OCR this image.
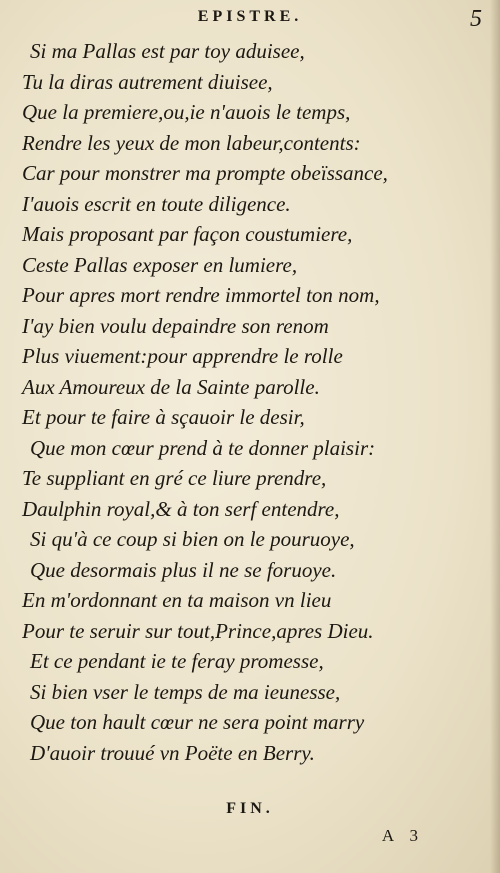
EPISTRE.	5
Si ma Pallas est par toy aduisee,
Tu la diras autrement diuisee,
Que la premiere,ou,ie n'auois le temps,
Rendre les yeux de mon labeur,contents:
Car pour monstrer ma prompte obeïssance,
I'auois escrit en toute diligence.
Mais proposant par façon coustumiere,
Ceste Pallas exposer en lumiere,
Pour apres mort rendre immortel ton nom,
I'ay bien voulu depaindre son renom
Plus viuement:pour apprendre le rolle
Aux Amoureux de la Sainte parolle.
Et pour te faire à sçauoir le desir,
Que mon cœur prend à te donner plaisir:
Te suppliant en gré ce liure prendre,
Daulphin royal,& à ton serf entendre,
Si qu'à ce coup si bien on le pouruoye,
Que desormais plus il ne se foruoye.
En m'ordonnant en ta maison vn lieu
Pour te seruir sur tout,Prince,apres Dieu.
Et ce pendant ie te feray promesse,
Si bien vser le temps de ma ieunesse,
Que ton hault cœur ne sera point marry
D'auoir trouué vn Poëte en Berry.
FIN.
A 3
